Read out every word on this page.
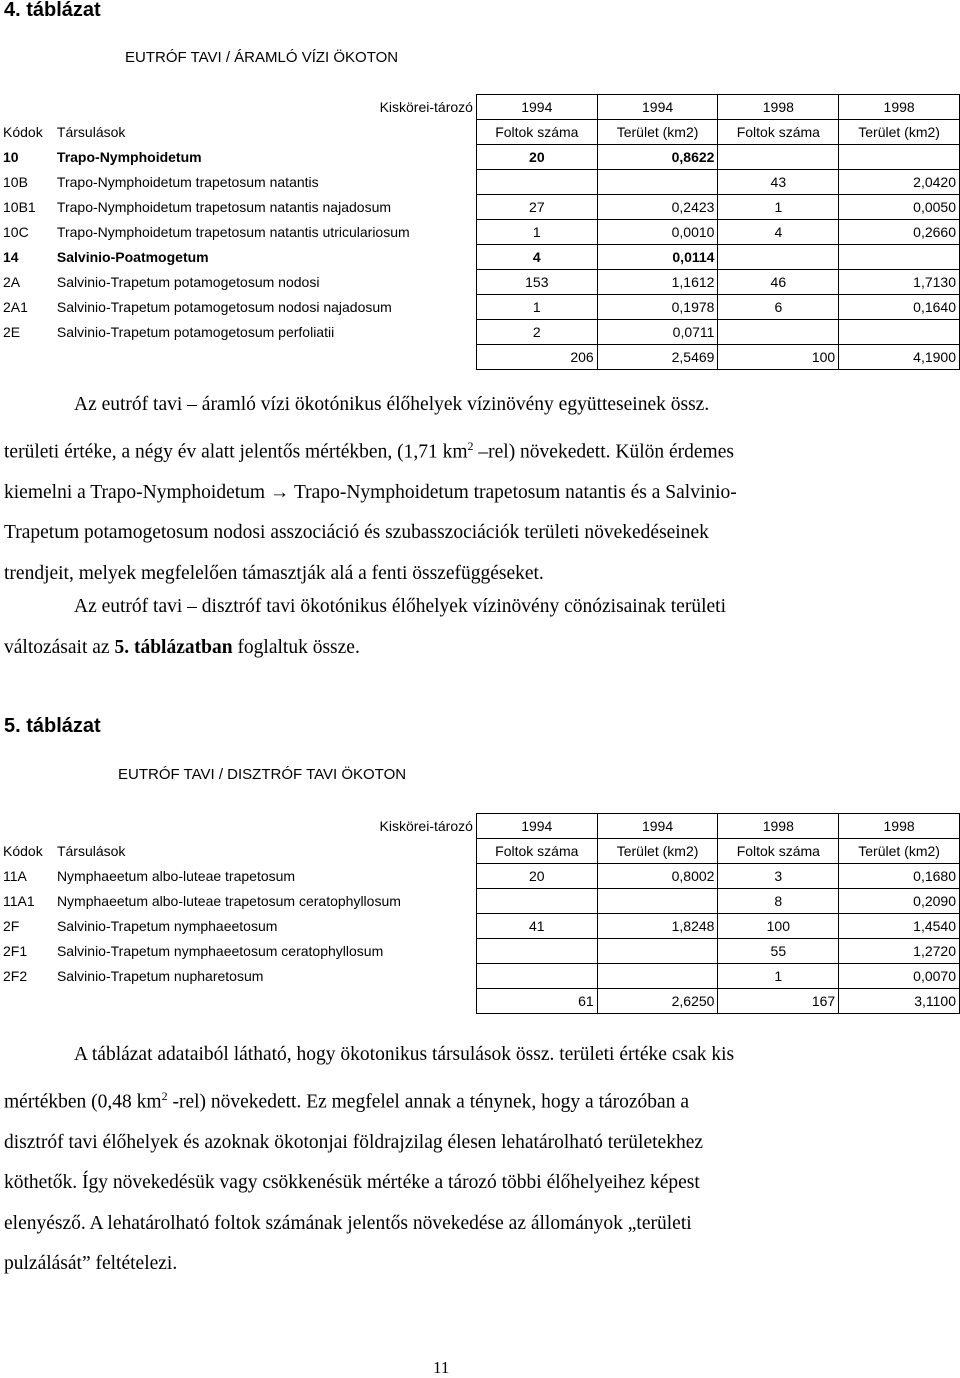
4. táblázat
EUTRÓF TAVI / ÁRAMLÓ VÍZI ÖKOTON
	Kiskörei-tározó	1994	1994	1998	1998
Kódok	Társulások	Foltok száma	Terület (km2)	Foltok száma	Terület (km2)
10	Trapo-Nymphoidetum	20	0,8622		
10B	Trapo-Nymphoidetum trapetosum natantis			43	2,0420
10B1	Trapo-Nymphoidetum trapetosum natantis najadosum	27	0,2423	1	0,0050
10C	Trapo-Nymphoidetum trapetosum natantis utriculariosum	1	0,0010	4	0,2660
14	Salvinio-Poatmogetum	4	0,0114		
2A	Salvinio-Trapetum potamogetosum nodosi	153	1,1612	46	1,7130
2A1	Salvinio-Trapetum potamogetosum nodosi najadosum	1	0,1978	6	0,1640
2E	Salvinio-Trapetum potamogetosum perfoliatii	2	0,0711		
		206	2,5469	100	4,1900

Az eutróf tavi – áramló vízi ökotónikus élőhelyek vízinövény együtteseinek össz.

területi értéke, a négy év alatt jelentős mértékben, (1,71 $km^2$ –rel) növekedett. Külön érdemes

kiemelni a Trapo-Nymphoidetum → Trapo-Nymphoidetum trapetosum natantis és a Salvinio-

Trapetum potamogetosum nodosi asszociáció és szubasszociációk területi növekedéseinek

trendjeit, melyek megfelelően támasztják alá a fenti összefüggéseket.

Az eutróf tavi – disztróf tavi ökotónikus élőhelyek vízinövény cönózisainak területi

változásait az 5. táblázatban foglaltuk össze.

5. táblázat
EUTRÓF TAVI / DISZTRÓF TAVI ÖKOTON
	Kiskörei-tározó	1994	1994	1998	1998
Kódok	Társulások	Foltok száma	Terület (km2)	Foltok száma	Terület (km2)
11A	Nymphaeetum albo-luteae trapetosum	20	0,8002	3	0,1680
11A1	Nymphaeetum albo-luteae trapetosum ceratophyllosum			8	0,2090
2F	Salvinio-Trapetum nymphaeetosum	41	1,8248	100	1,4540
2F1	Salvinio-Trapetum nymphaeetosum ceratophyllosum			55	1,2720
2F2	Salvinio-Trapetum nupharetosum			1	0,0070
		61	2,6250	167	3,1100

A táblázat adataiból látható, hogy ökotonikus társulások össz. területi értéke csak kis

mértékben (0,48 $km^2$ -rel) növekedett. Ez megfelel annak a ténynek, hogy a tározóban a

disztróf tavi élőhelyek és azoknak ökotonjai földrajzilag élesen lehatárolható területekhez

köthetők. Így növekedésük vagy csökkenésük mértéke a tározó többi élőhelyeihez képest

elenyésző. A lehatárolható foltok számának jelentős növekedése az állományok „területi

pulzálását” feltételezi.

11
